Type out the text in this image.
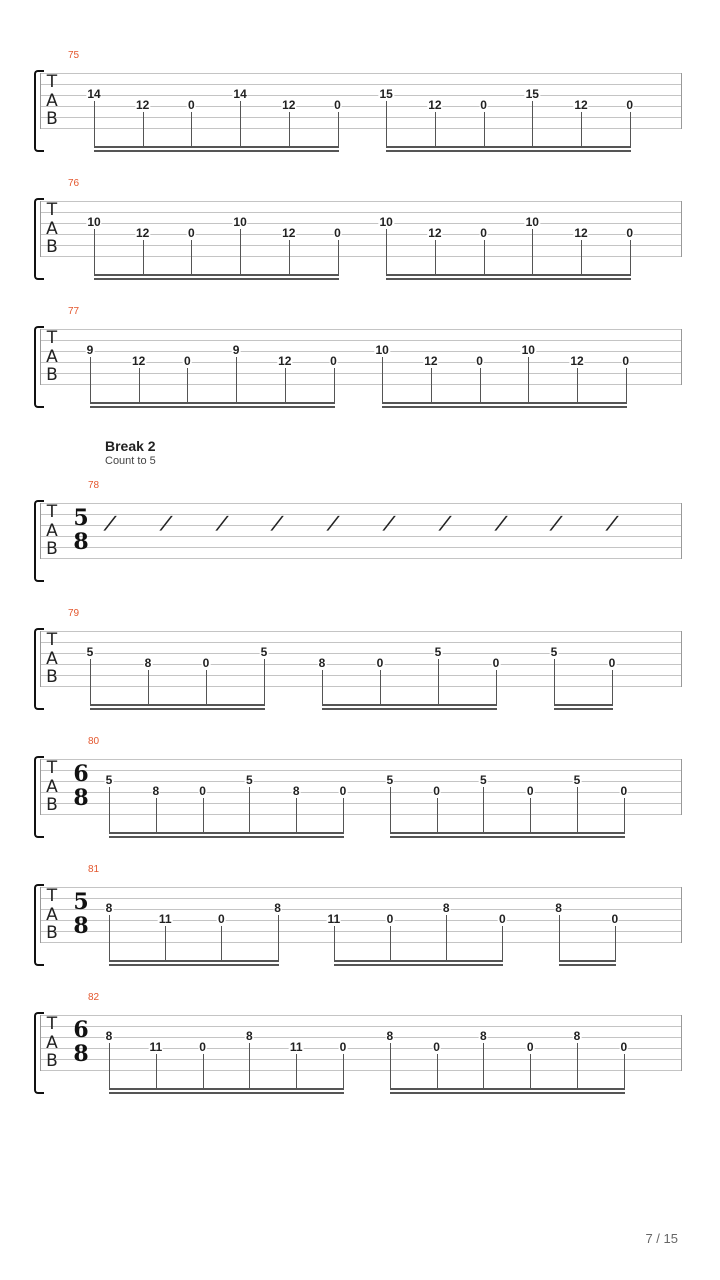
T
A
B
75
14
12	0
14
12	0
15
12	0
15
12	0
T
A
B
76
10
12	0
10
12	0
10
12	0
10
12	0
T
A
B
77
9
12	0
9
12	0
10
12	0
10
12	0
T
A
B
78
5
8
∕ ∕ ∕ ∕ ∕ ∕ ∕ ∕ ∕ ∕
T
A
B
79
5
8	0
5
8	0
5
0
5
0
T
A
B
80
6
8
5
8	0
5
8	0
5
0
5
0
5
0
T
A
B
81
5
8
8
11	0
8
11	0
8
0
8
0
T
A
B
82
6
8
8
11	0
8
11	0
8
0
8
0
8
0
Break 2
Count to 5
7 / 15
